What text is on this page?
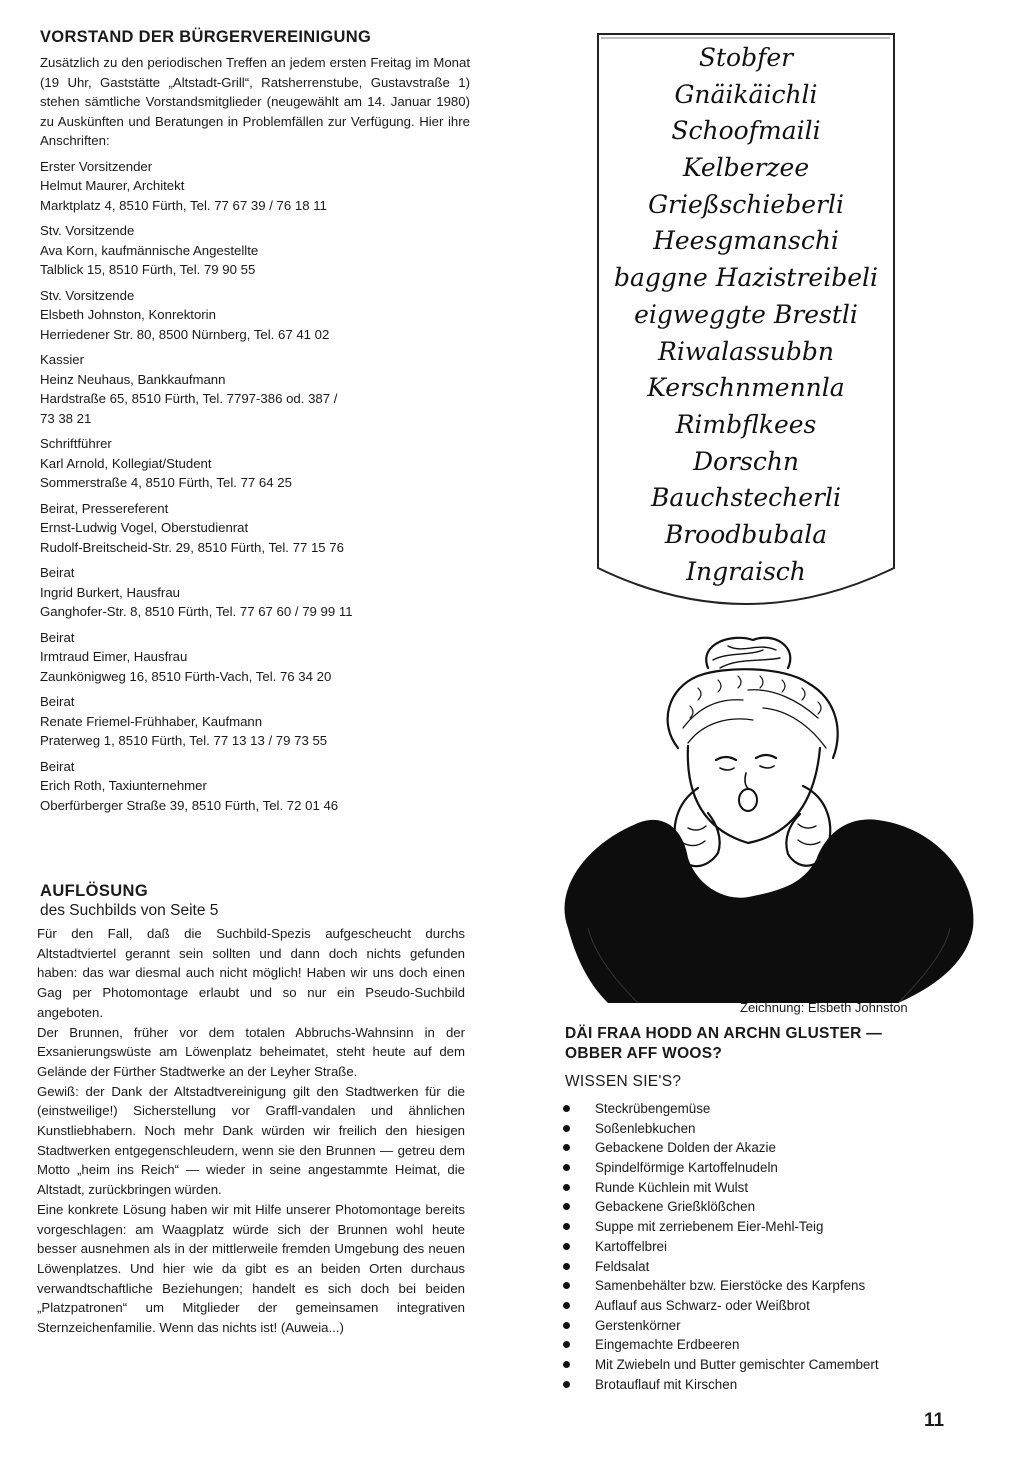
VORSTAND DER BÜRGERVEREINIGUNG

Zusätzlich zu den periodischen Treffen an jedem ersten Freitag im Monat (19 Uhr, Gaststätte „Altstadt-Grill“, Ratsherrenstube, Gustavstraße 1) stehen sämtliche Vorstandsmitglieder (neugewählt am 14. Januar 1980) zu Auskünften und Beratungen in Problemfällen zur Verfügung. Hier ihre Anschriften:

Erster Vorsitzender
Helmut Maurer, Architekt
Marktplatz 4, 8510 Fürth, Tel. 77 67 39 / 76 18 11
Stv. Vorsitzende
Ava Korn, kaufmännische Angestellte
Talblick 15, 8510 Fürth, Tel. 79 90 55
Stv. Vorsitzende
Elsbeth Johnston, Konrektorin
Herriedener Str. 80, 8500 Nürnberg, Tel. 67 41 02
Kassier
Heinz Neuhaus, Bankkaufmann
Hardstraße 65, 8510 Fürth, Tel. 7797-386 od. 387 /
73 38 21
Schriftführer
Karl Arnold, Kollegiat/Student
Sommerstraße 4, 8510 Fürth, Tel. 77 64 25
Beirat, Pressereferent
Ernst-Ludwig Vogel, Oberstudienrat
Rudolf-Breitscheid-Str. 29, 8510 Fürth, Tel. 77 15 76
Beirat
Ingrid Burkert, Hausfrau
Ganghofer-Str. 8, 8510 Fürth, Tel. 77 67 60 / 79 99 11
Beirat
Irmtraud Eimer, Hausfrau
Zaunkönigweg 16, 8510 Fürth-Vach, Tel. 76 34 20
Beirat
Renate Friemel-Frühhaber, Kaufmann
Praterweg 1, 8510 Fürth, Tel. 77 13 13 / 79 73 55
Beirat
Erich Roth, Taxiunternehmer
Oberfürberger Straße 39, 8510 Fürth, Tel. 72 01 46
AUFLÖSUNG
des Suchbilds von Seite 5

Für den Fall, daß die Suchbild-Spezis aufgescheucht durchs Altstadtviertel gerannt sein sollten und dann doch nichts gefunden haben: das war diesmal auch nicht möglich! Haben wir uns doch einen Gag per Photomontage erlaubt und so nur ein Pseudo-Suchbild angeboten.

Der Brunnen, früher vor dem totalen Abbruchs-Wahnsinn in der Exsanierungswüste am Löwenplatz beheimatet, steht heute auf dem Gelände der Fürther Stadtwerke an der Leyher Straße.

Gewiß: der Dank der Altstadtvereinigung gilt den Stadtwerken für die (einstweilige!) Sicherstellung vor Graffl-vandalen und ähnlichen Kunstliebhabern. Noch mehr Dank würden wir freilich den hiesigen Stadtwerken entgegenschleudern, wenn sie den Brunnen — getreu dem Motto „heim ins Reich“ — wieder in seine angestammte Heimat, die Altstadt, zurückbringen würden.

Eine konkrete Lösung haben wir mit Hilfe unserer Photomontage bereits vorgeschlagen: am Waagplatz würde sich der Brunnen wohl heute besser ausnehmen als in der mittlerweile fremden Umgebung des neuen Löwenplatzes. Und hier wie da gibt es an beiden Orten durchaus verwandtschaftliche Beziehungen; handelt es sich doch bei beiden „Platzpatronen“ um Mitglieder der gemeinsamen integrativen Sternzeichenfamilie. Wenn das nichts ist! (Auweia...)

Stobfer
Gnäikäichli
Schoofmaili
Kelberzee
Grießschieberli
Heesgmanschi
baggne Hazistreibeli
eigweggte Brestli
Riwalassubbn
Kerschnmennla
Rimbflkees
Dorschn
Bauchstecherli
Broodbubala
Ingraisch
Zeichnung: Elsbeth Johnston
DÄI FRAA HODD AN ARCHN GLUSTER —
OBBER AFF WOOS?
WISSEN SIE'S?
Steckrübengemüse
Soßenlebkuchen
Gebackene Dolden der Akazie
Spindelförmige Kartoffelnudeln
Runde Küchlein mit Wulst
Gebackene Grießklößchen
Suppe mit zerriebenem Eier-Mehl-Teig
Kartoffelbrei
Feldsalat
Samenbehälter bzw. Eierstöcke des Karpfens
Auflauf aus Schwarz- oder Weißbrot
Gerstenkörner
Eingemachte Erdbeeren
Mit Zwiebeln und Butter gemischter Camembert
Brotauflauf mit Kirschen
11
